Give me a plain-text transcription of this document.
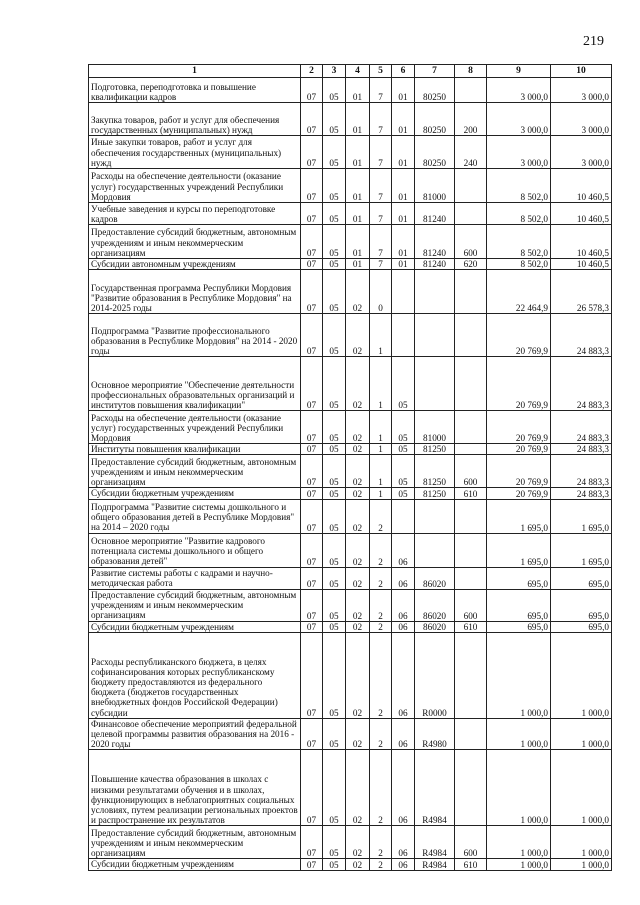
219
1	2	3	4	5	6	7	8	9	10
Подготовка, переподготовка и повышение квалификации кадров	07	05	01	7	01	80250		3 000,0	3 000,0
Закупка товаров, работ и услуг для обеспечения государственных (муниципальных) нужд	07	05	01	7	01	80250	200	3 000,0	3 000,0
Иные закупки товаров, работ и услуг для обеспечения государственных (муниципальных) нужд	07	05	01	7	01	80250	240	3 000,0	3 000,0
Расходы на обеспечение деятельности (оказание услуг) государственных учреждений Республики Мордовия	07	05	01	7	01	81000		8 502,0	10 460,5
Учебные заведения и курсы по переподготовке кадров	07	05	01	7	01	81240		8 502,0	10 460,5
Предоставление субсидий бюджетным, автономным учреждениям и иным некоммерческим организациям	07	05	01	7	01	81240	600	8 502,0	10 460,5
Субсидии автономным учреждениям	07	05	01	7	01	81240	620	8 502,0	10 460,5
Государственная программа Республики Мордовия "Развитие образования в Республике Мордовия" на 2014-2025 годы	07	05	02	0				22 464,9	26 578,3
Подпрограмма "Развитие профессионального образования в Республике Мордовия" на 2014 - 2020 годы	07	05	02	1				20 769,9	24 883,3
Основное мероприятие "Обеспечение деятельности профессиональных образовательных организаций и институтов повышения квалификации"	07	05	02	1	05			20 769,9	24 883,3
Расходы на обеспечение деятельности (оказание услуг) государственных учреждений Республики Мордовия	07	05	02	1	05	81000		20 769,9	24 883,3
Институты повышения квалификации	07	05	02	1	05	81250		20 769,9	24 883,3
Предоставление субсидий бюджетным, автономным учреждениям и иным некоммерческим организациям	07	05	02	1	05	81250	600	20 769,9	24 883,3
Субсидии бюджетным учреждениям	07	05	02	1	05	81250	610	20 769,9	24 883,3
Подпрограмма "Развитие системы дошкольного и общего образования детей в Республике Мордовия" на 2014 – 2020 годы	07	05	02	2				1 695,0	1 695,0
Основное мероприятие "Развитие кадрового потенциала системы дошкольного и общего образования детей"	07	05	02	2	06			1 695,0	1 695,0
Развитие системы работы с кадрами и научно-методическая работа	07	05	02	2	06	86020		695,0	695,0
Предоставление субсидий бюджетным, автономным учреждениям и иным некоммерческим организациям	07	05	02	2	06	86020	600	695,0	695,0
Субсидии бюджетным учреждениям	07	05	02	2	06	86020	610	695,0	695,0
Расходы республиканского бюджета, в целях софинансирования которых республиканскому бюджету предоставляются из федерального бюджета (бюджетов государственных внебюджетных фондов Российской Федерации) субсидии	07	05	02	2	06	R0000		1 000,0	1 000,0
Финансовое обеспечение мероприятий федеральной целевой программы развития образования на 2016 - 2020 годы	07	05	02	2	06	R4980		1 000,0	1 000,0
Повышение качества образования в школах с низкими результатами обучения и в школах, функционирующих в неблагоприятных социальных условиях, путем реализации региональных проектов и распространение их результатов	07	05	02	2	06	R4984		1 000,0	1 000,0
Предоставление субсидий бюджетным, автономным учреждениям и иным некоммерческим организациям	07	05	02	2	06	R4984	600	1 000,0	1 000,0
Субсидии бюджетным учреждениям	07	05	02	2	06	R4984	610	1 000,0	1 000,0
